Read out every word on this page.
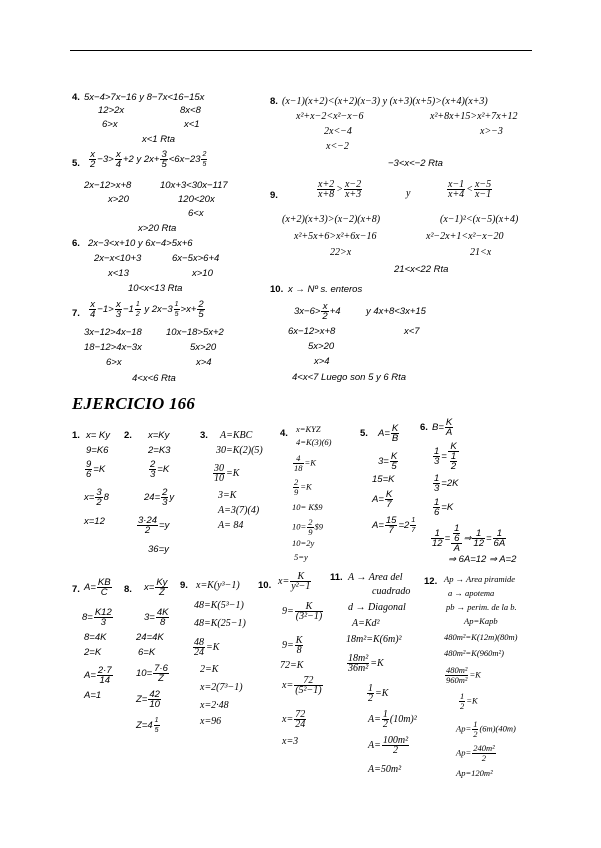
4. 5x−4>7x−16 y 8−7x<16−15x
12>2x	8x<8
6>x	x<1
x<1 Rta
5. $\frac{x}{2} -3> \frac{x}{4} +2$ y $2x+ \frac{3}{5} <6x-23 \frac{2}{5}$
2x−12>x+8	10x+3<30x−117
x>20	120<20x
6<x
x>20 Rta
6. 2x−3<x+10 y 6x−4>5x+6
2x−x<10+3	6x−5x>6+4
x<13	x>10
10<x<13 Rta
7. $\frac{x}{4} -1> \frac{x}{3} -1 \frac{1}{2}$ y $2x-3 \frac{1}{5} >x+ \frac{2}{5}$
3x−12>4x−18	10x−18>5x+2
18−12>4x−3x	5x>20
6>x	x>4
4<x<6 Rta
8. (x−1)(x+2)<(x+2)(x−3) y (x+3)(x+5)>(x+4)(x+3)
x²+x−2<x²−x−6	x²+8x+15>x²+7x+12
2x<−4	x>−3
x<−2
−3<x<−2 Rta
9.	$\frac{x+2}{x+8} > \frac{x-2}{x+3}$	y	$\frac{x-1}{x+4} < \frac{x-5}{x-1}$
(x+2)(x+3)>(x−2)(x+8)	(x−1)²<(x−5)(x+4)
x²+5x+6>x²+6x−16	x²−2x+1<x²−x−20
22>x	21<x
21<x<22 Rta
10. x → Nº s. enteros
$3x-6> \frac{x}{2} +4$	y 4x+8<3x+15
6x−12>x+8	x<7
5x>20
x>4
4<x<7 Luego son 5 y 6 Rta
EJERCICIO 166
1. x= Ky
9=K6
$\frac{9}{6} =K$
$x= \frac{3}{2} 8$
x=12
2. x=Ky
2=K3
$\frac{2}{3} =K$
$24= \frac{2}{3}$ y
$\frac{3\cdot 24}{2} =y$
36=y
3. A=KBC
30=K(2)(5)
$\frac{30}{10} =K$
3=K
A=3(7)(4)
A= 84
4. x=KYZ
4=K(3)(6)
$\frac{4}{18} =K$
$\frac{2}{9} =K$
10= K$9
$10= \frac{2}{9}$ $9
10=2y
5=y
5. $A= \frac{K}{B}$
$3= \frac{K}{5}$
15=K
$A= \frac{K}{7}$
$A= \frac{15}{7} =2 \frac{1}{7}$
6. $B= \frac{K}{A}$
$\frac{1}{3} = \frac{K}{\frac{1}{2}}$
$\frac{1}{3} =2K$
$\frac{1}{6} =K$
$\frac{1}{12} = \frac{\frac{1}{6}}{A}$ ⇒ $\frac{1}{12} = \frac{1}{6A}$
⇒ 6A=12 ⇒ A=2
7. $A= \frac{KB}{C}$
$8= \frac{K12}{3}$
8=4K
2=K
$A= \frac{2\cdot 7}{14}$
A=1
8. $x= \frac{Ky}{Z}$
$3= \frac{4K}{8}$
24=4K
6=K
$10= \frac{7\cdot 6}{Z}$
$Z= \frac{42}{10}$
$Z=4 \frac{1}{5}$
9. x=K(y³−1)
48=K(5³−1)
48=K(25−1)
$\frac{48}{24} =K$
2=K
x=2(7³−1)
x=2·48
x=96
10. $x= \frac{K}{\text{y²−1}}$
$9= \frac{K}{\text{(3²−1)}}$
$9= \frac{K}{8}$
72=K
$x= \frac{72}{\text{(5²−1)}}$
$x= \frac{72}{24}$
x=3
11. A → Area del
cuadrado
d → Diagonal
A=Kd²
18m²=K(6m)²
$\frac{\text{18m²}}{\text{36m²}} =K$
$\frac{1}{2} =K$
$A= \frac{1}{2} (10m)^2$
$A= \frac{\text{100m²}}{2}$
A=50m²
12. Ap → Area piramide
a → apotema
pb → perim. de la b.
Ap=Kapb
480m²=K(12m)(80m)
480m²=K(960m²)
$\frac{\text{480m²}}{\text{960m²}} =K$
$\frac{1}{2} =K$
$Ap= \frac{1}{2} (6m)(40m)$
$Ap= \frac{\text{240m²}}{2}$
Ap=120m²
